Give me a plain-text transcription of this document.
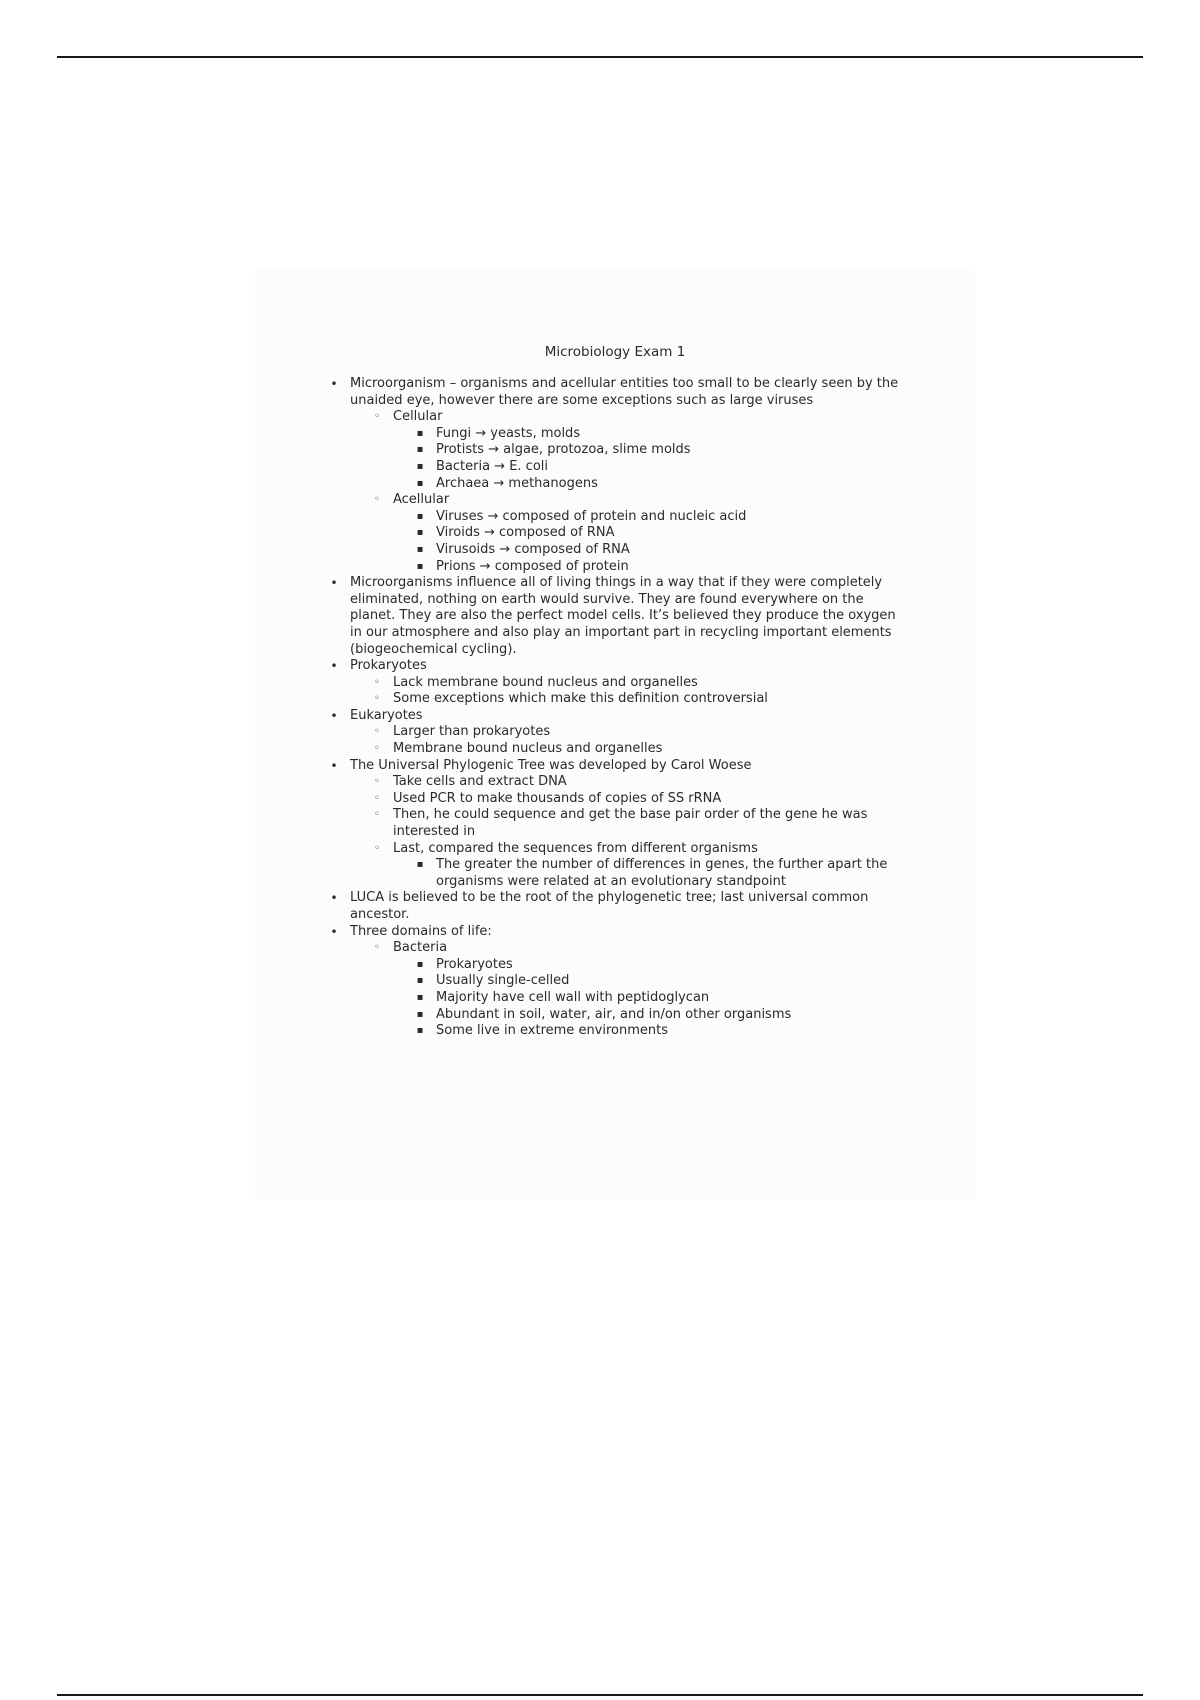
Microbiology Exam 1
• Microorganism – organisms and acellular entities too small to be clearly seen by the unaided eye, however there are some exceptions such as large viruses
◦ Cellular
▪ Fungi → yeasts, molds
▪ Protists → algae, protozoa, slime molds
▪ Bacteria → E. coli
▪ Archaea → methanogens
◦ Acellular
▪ Viruses → composed of protein and nucleic acid
▪ Viroids → composed of RNA
▪ Virusoids → composed of RNA
▪ Prions → composed of protein
• Microorganisms influence all of living things in a way that if they were completely eliminated, nothing on earth would survive. They are found everywhere on the planet. They are also the perfect model cells. It’s believed they produce the oxygen in our atmosphere and also play an important part in recycling important elements (biogeochemical cycling).
• Prokaryotes
◦ Lack membrane bound nucleus and organelles
◦ Some exceptions which make this definition controversial
• Eukaryotes
◦ Larger than prokaryotes
◦ Membrane bound nucleus and organelles
• The Universal Phylogenic Tree was developed by Carol Woese
◦ Take cells and extract DNA
◦ Used PCR to make thousands of copies of SS rRNA
◦ Then, he could sequence and get the base pair order of the gene he was interested in
◦ Last, compared the sequences from different organisms
▪ The greater the number of differences in genes, the further apart the organisms were related at an evolutionary standpoint
• LUCA is believed to be the root of the phylogenetic tree; last universal common ancestor.
• Three domains of life:
◦ Bacteria
▪ Prokaryotes
▪ Usually single-celled
▪ Majority have cell wall with peptidoglycan
▪ Abundant in soil, water, air, and in/on other organisms
▪ Some live in extreme environments
